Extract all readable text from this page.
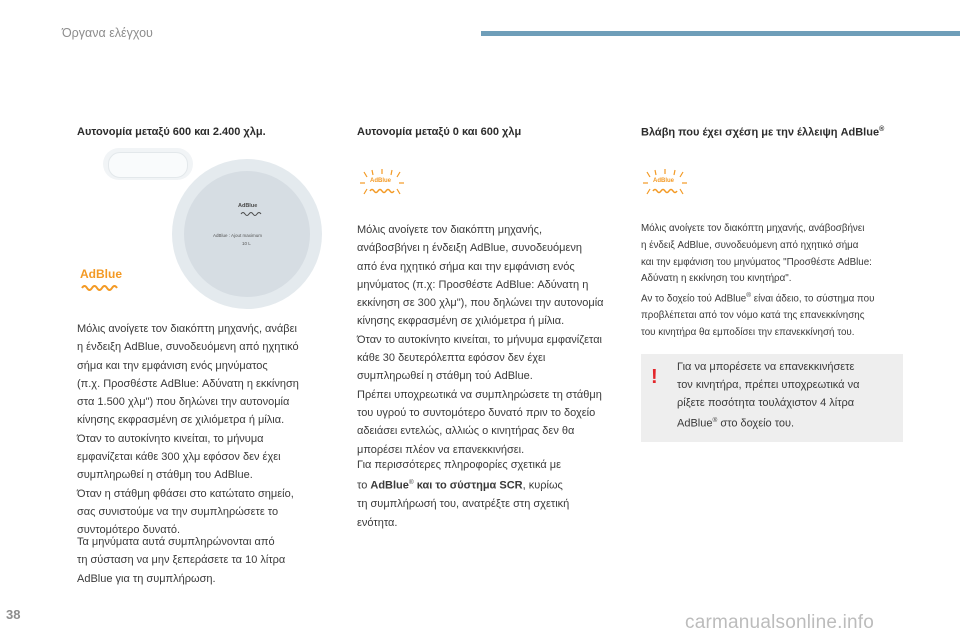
Όργανα ελέγχου
AdBlue
AdBlue : Ajout maximum
10 L
AdBlue
Αυτονομία μεταξύ 600 και 2.400 χλμ.
Μόλις ανοίγετε τον διακόπτη μηχανής, ανάβει
η ένδειξη AdBlue, συνοδευόμενη από ηχητικό
σήμα και την εμφάνιση ενός μηνύματος
(π.χ. Προσθέστε AdBlue: Αδύνατη η εκκίνηση
στα 1.500 χλμ") που δηλώνει την αυτονομία
κίνησης εκφρασμένη σε χιλιόμετρα ή μίλια.
Όταν το αυτοκίνητο κινείται, το μήνυμα
εμφανίζεται κάθε 300 χλμ εφόσον δεν έχει
συμπληρωθεί η στάθμη του AdBlue.
Όταν η στάθμη φθάσει στο κατώτατο σημείο,
σας συνιστούμε να την συμπληρώσετε το
συντομότερο δυνατό.
Τα μηνύματα αυτά συμπληρώνονται από
τη σύσταση να μην ξεπεράσετε τα 10 λίτρα
AdBlue για τη συμπλήρωση.
Αυτονομία μεταξύ 0 και 600 χλμ
AdBlue
Μόλις ανοίγετε τον διακόπτη μηχανής,
ανάβοσβήνει η ένδειξη AdBlue, συνοδευόμενη
από ένα ηχητικό σήμα και την εμφάνιση ενός
μηνύματος (π.χ: Προσθέστε AdBlue: Αδύνατη η
εκκίνηση σε 300 χλμ"), που δηλώνει την αυτονομία
κίνησης εκφρασμένη σε χιλιόμετρα ή μίλια.
Όταν το αυτοκίνητο κινείται, το μήνυμα εμφανίζεται
κάθε 30 δευτερόλεπτα εφόσον δεν έχει
συμπληρωθεί η στάθμη τού AdBlue.
Πρέπει υποχρεωτικά να συμπληρώσετε τη στάθμη
του υγρού το συντομότερο δυνατό πριν το δοχείο
αδειάσει εντελώς, αλλιώς ο κινητήρας δεν θα
μπορέσει πλέον να επανεκκινήσει.
Για περισσότερες πληροφορίες σχετικά με
το AdBlue® και το σύστημα SCR, κυρίως
τη συμπλήρωσή του, ανατρέξτε στη σχετική
ενότητα.
Βλάβη που έχει σχέση με την έλλειψη AdBlue®
AdBlue
Μόλις ανοίγετε τον διακόπτη μηχανής, ανάβοσβήνει
η ένδειξ AdBlue, συνοδευόμενη από ηχητικό σήμα
και την εμφάνιση του μηνύματος "Προσθέστε AdBlue:
Αδύνατη η εκκίνηση του κινητήρα".
Αν το δοχείο τού AdBlue® είναι άδειο, το σύστημα που
προβλέπεται από τον νόμο κατά της επανεκκίνησης
του κινητήρα θα εμποδίσει την επανεκκίνησή του.
! Για να μπορέσετε να επανεκκινήσετε
τον κινητήρα, πρέπει υποχρεωτικά να
ρίξετε ποσότητα τουλάχιστον 4 λίτρα
AdBlue® στο δοχείο του.
38	carmanualsonline.info
